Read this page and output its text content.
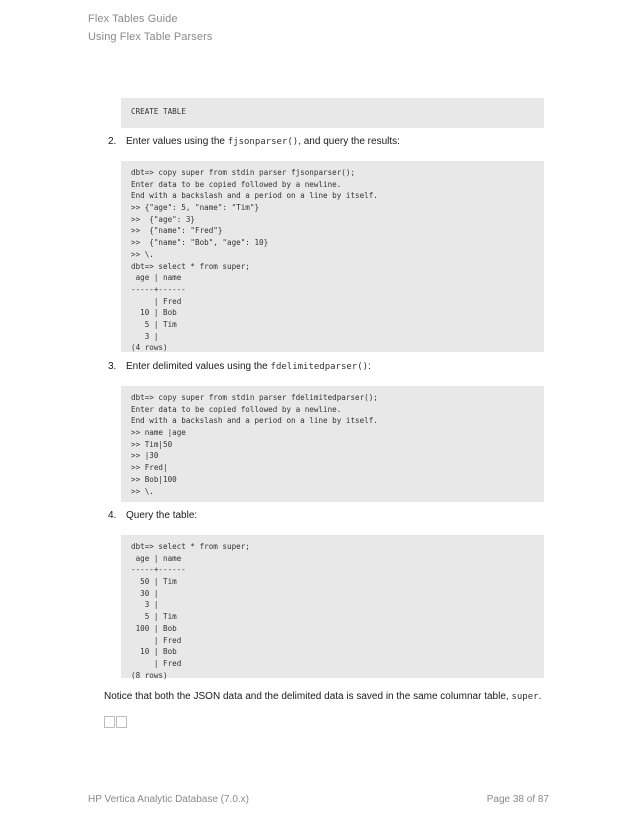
Flex Tables Guide
Using Flex Table Parsers
CREATE TABLE
2. Enter values using the fjsonparser(), and query the results:
dbt=> copy super from stdin parser fjsonparser();
Enter data to be copied followed by a newline.
End with a backslash and a period on a line by itself.
>> {"age": 5, "name": "Tim"}
>>  {"age": 3}
>>  {"name": "Fred"}
>>  {"name": "Bob", "age": 10}
>> \.
dbt=> select * from super;
age | name
-----+------
| Fred
10 | Bob
5 | Tim
3 |
(4 rows)
3. Enter delimited values using the fdelimitedparser():
dbt=> copy super from stdin parser fdelimitedparser();
Enter data to be copied followed by a newline.
End with a backslash and a period on a line by itself.
>> name |age
>> Tim|50
>> |30
>> Fred|
>> Bob|100
>> \.
4. Query the table:
dbt=> select * from super;
age | name
-----+------
50 | Tim
30 |
3 |
5 | Tim
100 | Bob
| Fred
10 | Bob
| Fred
(8 rows)
Notice that both the JSON data and the delimited data is saved in the same columnar table, super.
HP Vertica Analytic Database (7.0.x)	Page 38 of 87
